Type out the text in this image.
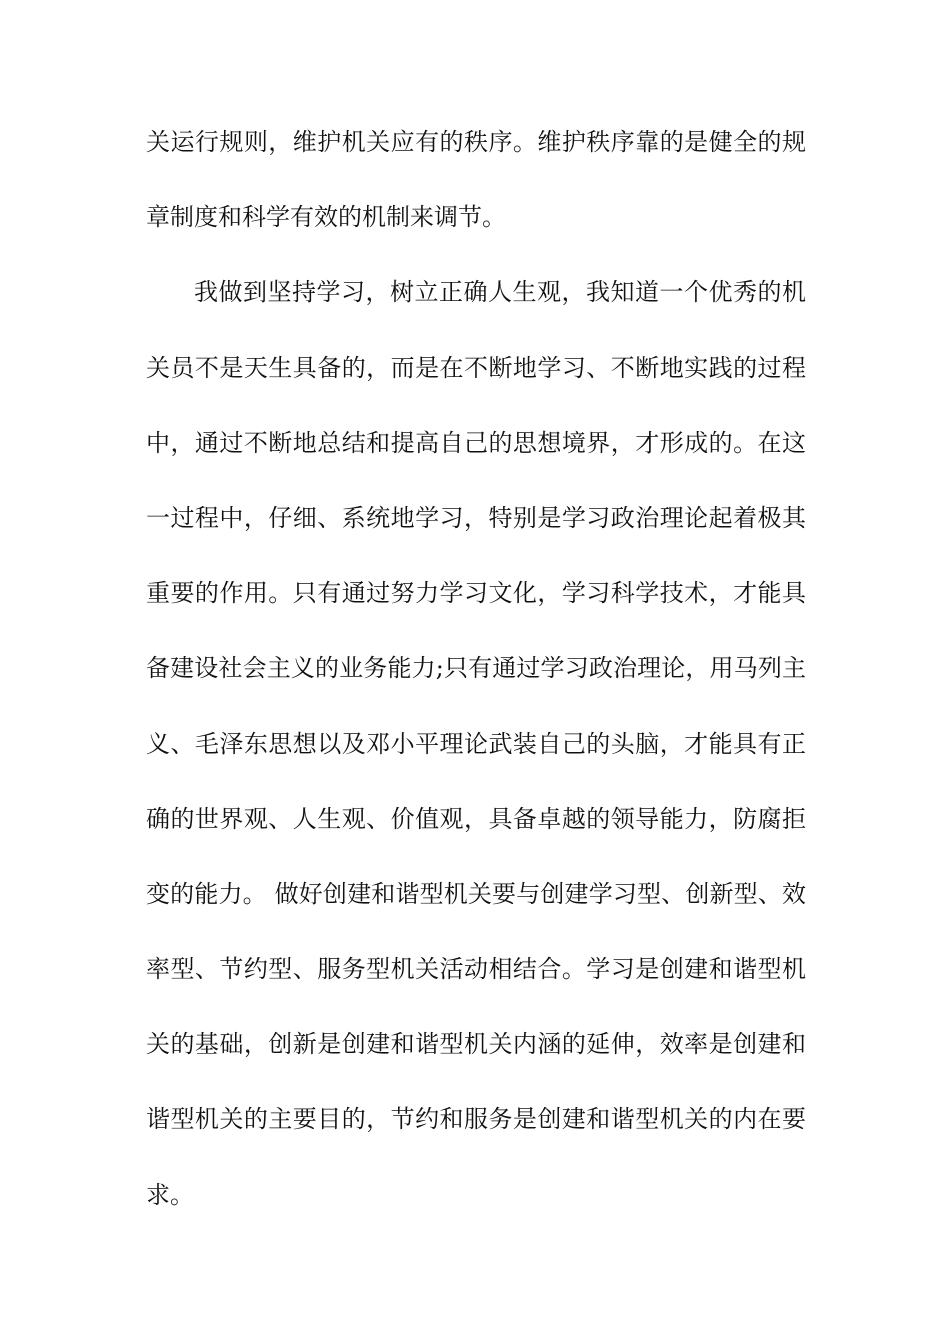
关运行规则，维护机关应有的秩序。维护秩序靠的是健全的规
章制度和科学有效的机制来调节。
我做到坚持学习，树立正确人生观，我知道一个优秀的机
关员不是天生具备的，而是在不断地学习、不断地实践的过程
中，通过不断地总结和提高自己的思想境界，才形成的。在这
一过程中，仔细、系统地学习，特别是学习政治理论起着极其
重要的作用。只有通过努力学习文化，学习科学技术，才能具
备建设社会主义的业务能力;只有通过学习政治理论，用马列主
义、毛泽东思想以及邓小平理论武装自己的头脑，才能具有正
确的世界观、人生观、价值观，具备卓越的领导能力，防腐拒
变的能力。 做好创建和谐型机关要与创建学习型、创新型、效
率型、节约型、服务型机关活动相结合。学习是创建和谐型机
关的基础，创新是创建和谐型机关内涵的延伸，效率是创建和
谐型机关的主要目的，节约和服务是创建和谐型机关的内在要
求。
